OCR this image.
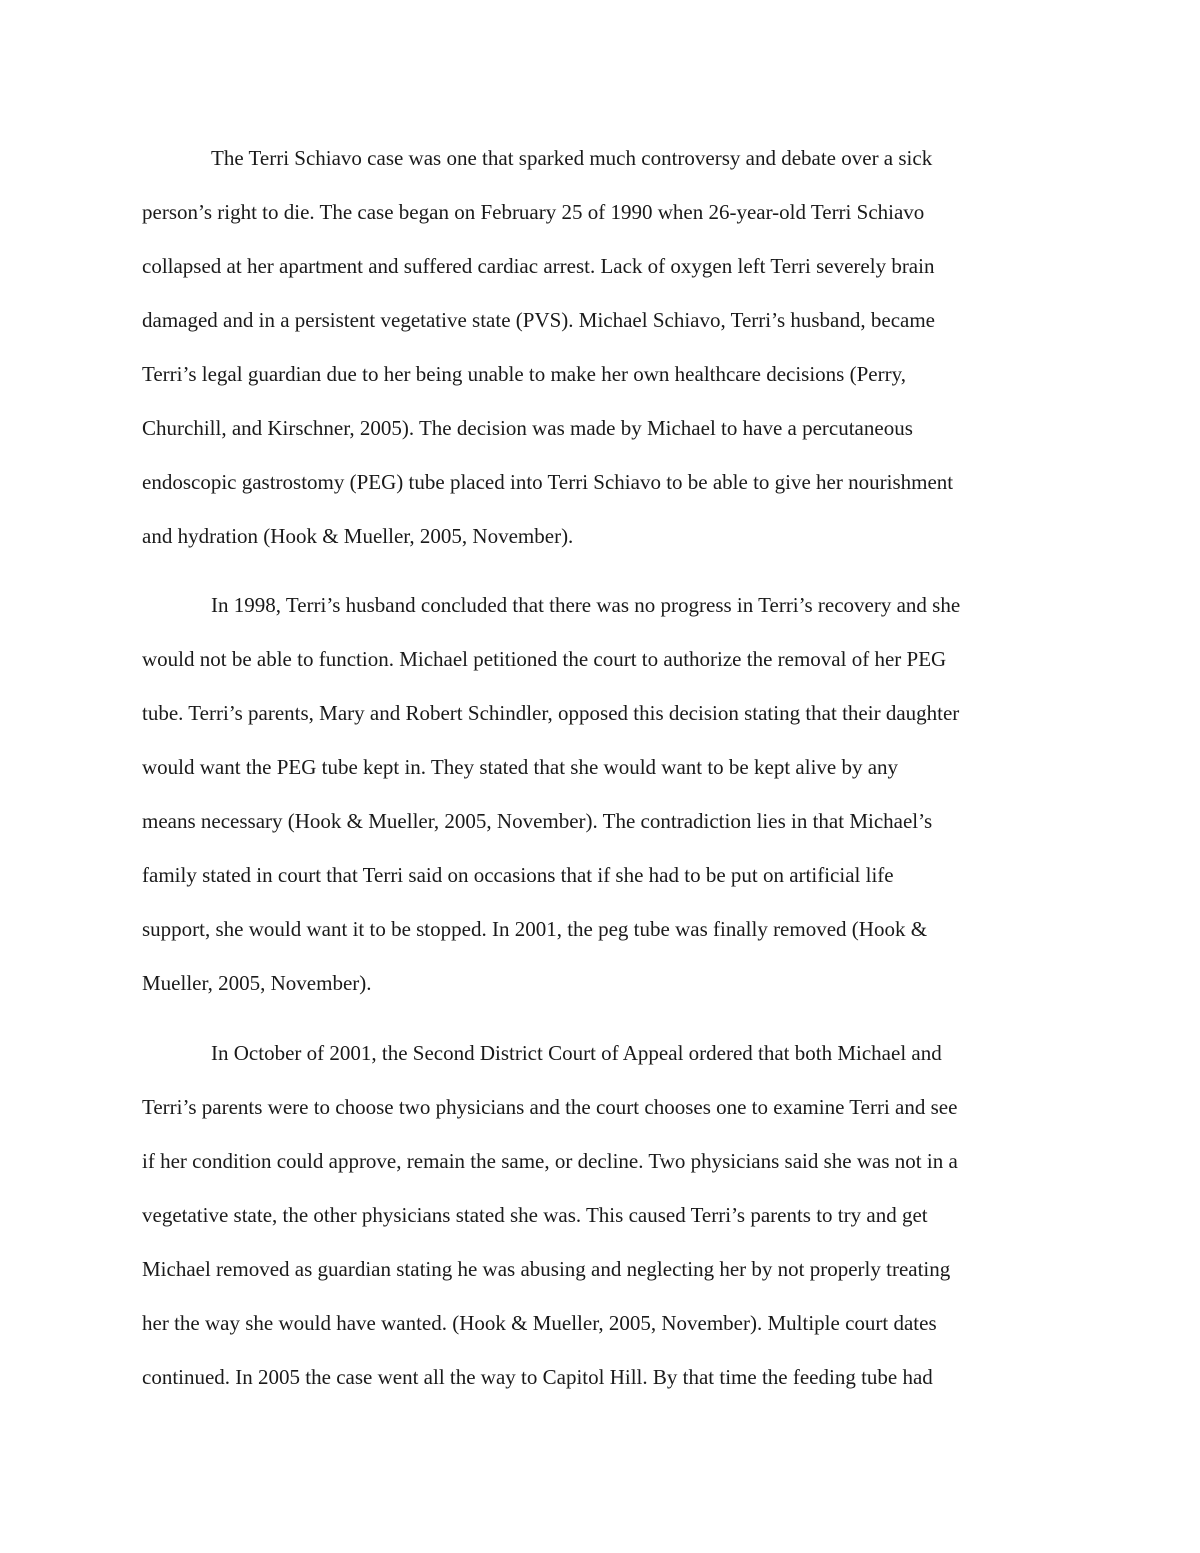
The Terri Schiavo case was one that sparked much controversy and debate over a sick
person’s right to die. The case began on February 25 of 1990 when 26-year-old Terri Schiavo
collapsed at her apartment and suffered cardiac arrest. Lack of oxygen left Terri severely brain
damaged and in a persistent vegetative state (PVS). Michael Schiavo, Terri’s husband, became
Terri’s legal guardian due to her being unable to make her own healthcare decisions (Perry,
Churchill, and Kirschner, 2005). The decision was made by Michael to have a percutaneous
endoscopic gastrostomy (PEG) tube placed into Terri Schiavo to be able to give her nourishment
and hydration (Hook & Mueller, 2005, November).
In 1998, Terri’s husband concluded that there was no progress in Terri’s recovery and she
would not be able to function. Michael petitioned the court to authorize the removal of her PEG
tube. Terri’s parents, Mary and Robert Schindler, opposed this decision stating that their daughter
would want the PEG tube kept in. They stated that she would want to be kept alive by any
means necessary (Hook & Mueller, 2005, November). The contradiction lies in that Michael’s
family stated in court that Terri said on occasions that if she had to be put on artificial life
support, she would want it to be stopped. In 2001, the peg tube was finally removed (Hook &
Mueller, 2005, November).
In October of 2001, the Second District Court of Appeal ordered that both Michael and
Terri’s parents were to choose two physicians and the court chooses one to examine Terri and see
if her condition could approve, remain the same, or decline. Two physicians said she was not in a
vegetative state, the other physicians stated she was. This caused Terri’s parents to try and get
Michael removed as guardian stating he was abusing and neglecting her by not properly treating
her the way she would have wanted. (Hook & Mueller, 2005, November). Multiple court dates
continued. In 2005 the case went all the way to Capitol Hill. By that time the feeding tube had
